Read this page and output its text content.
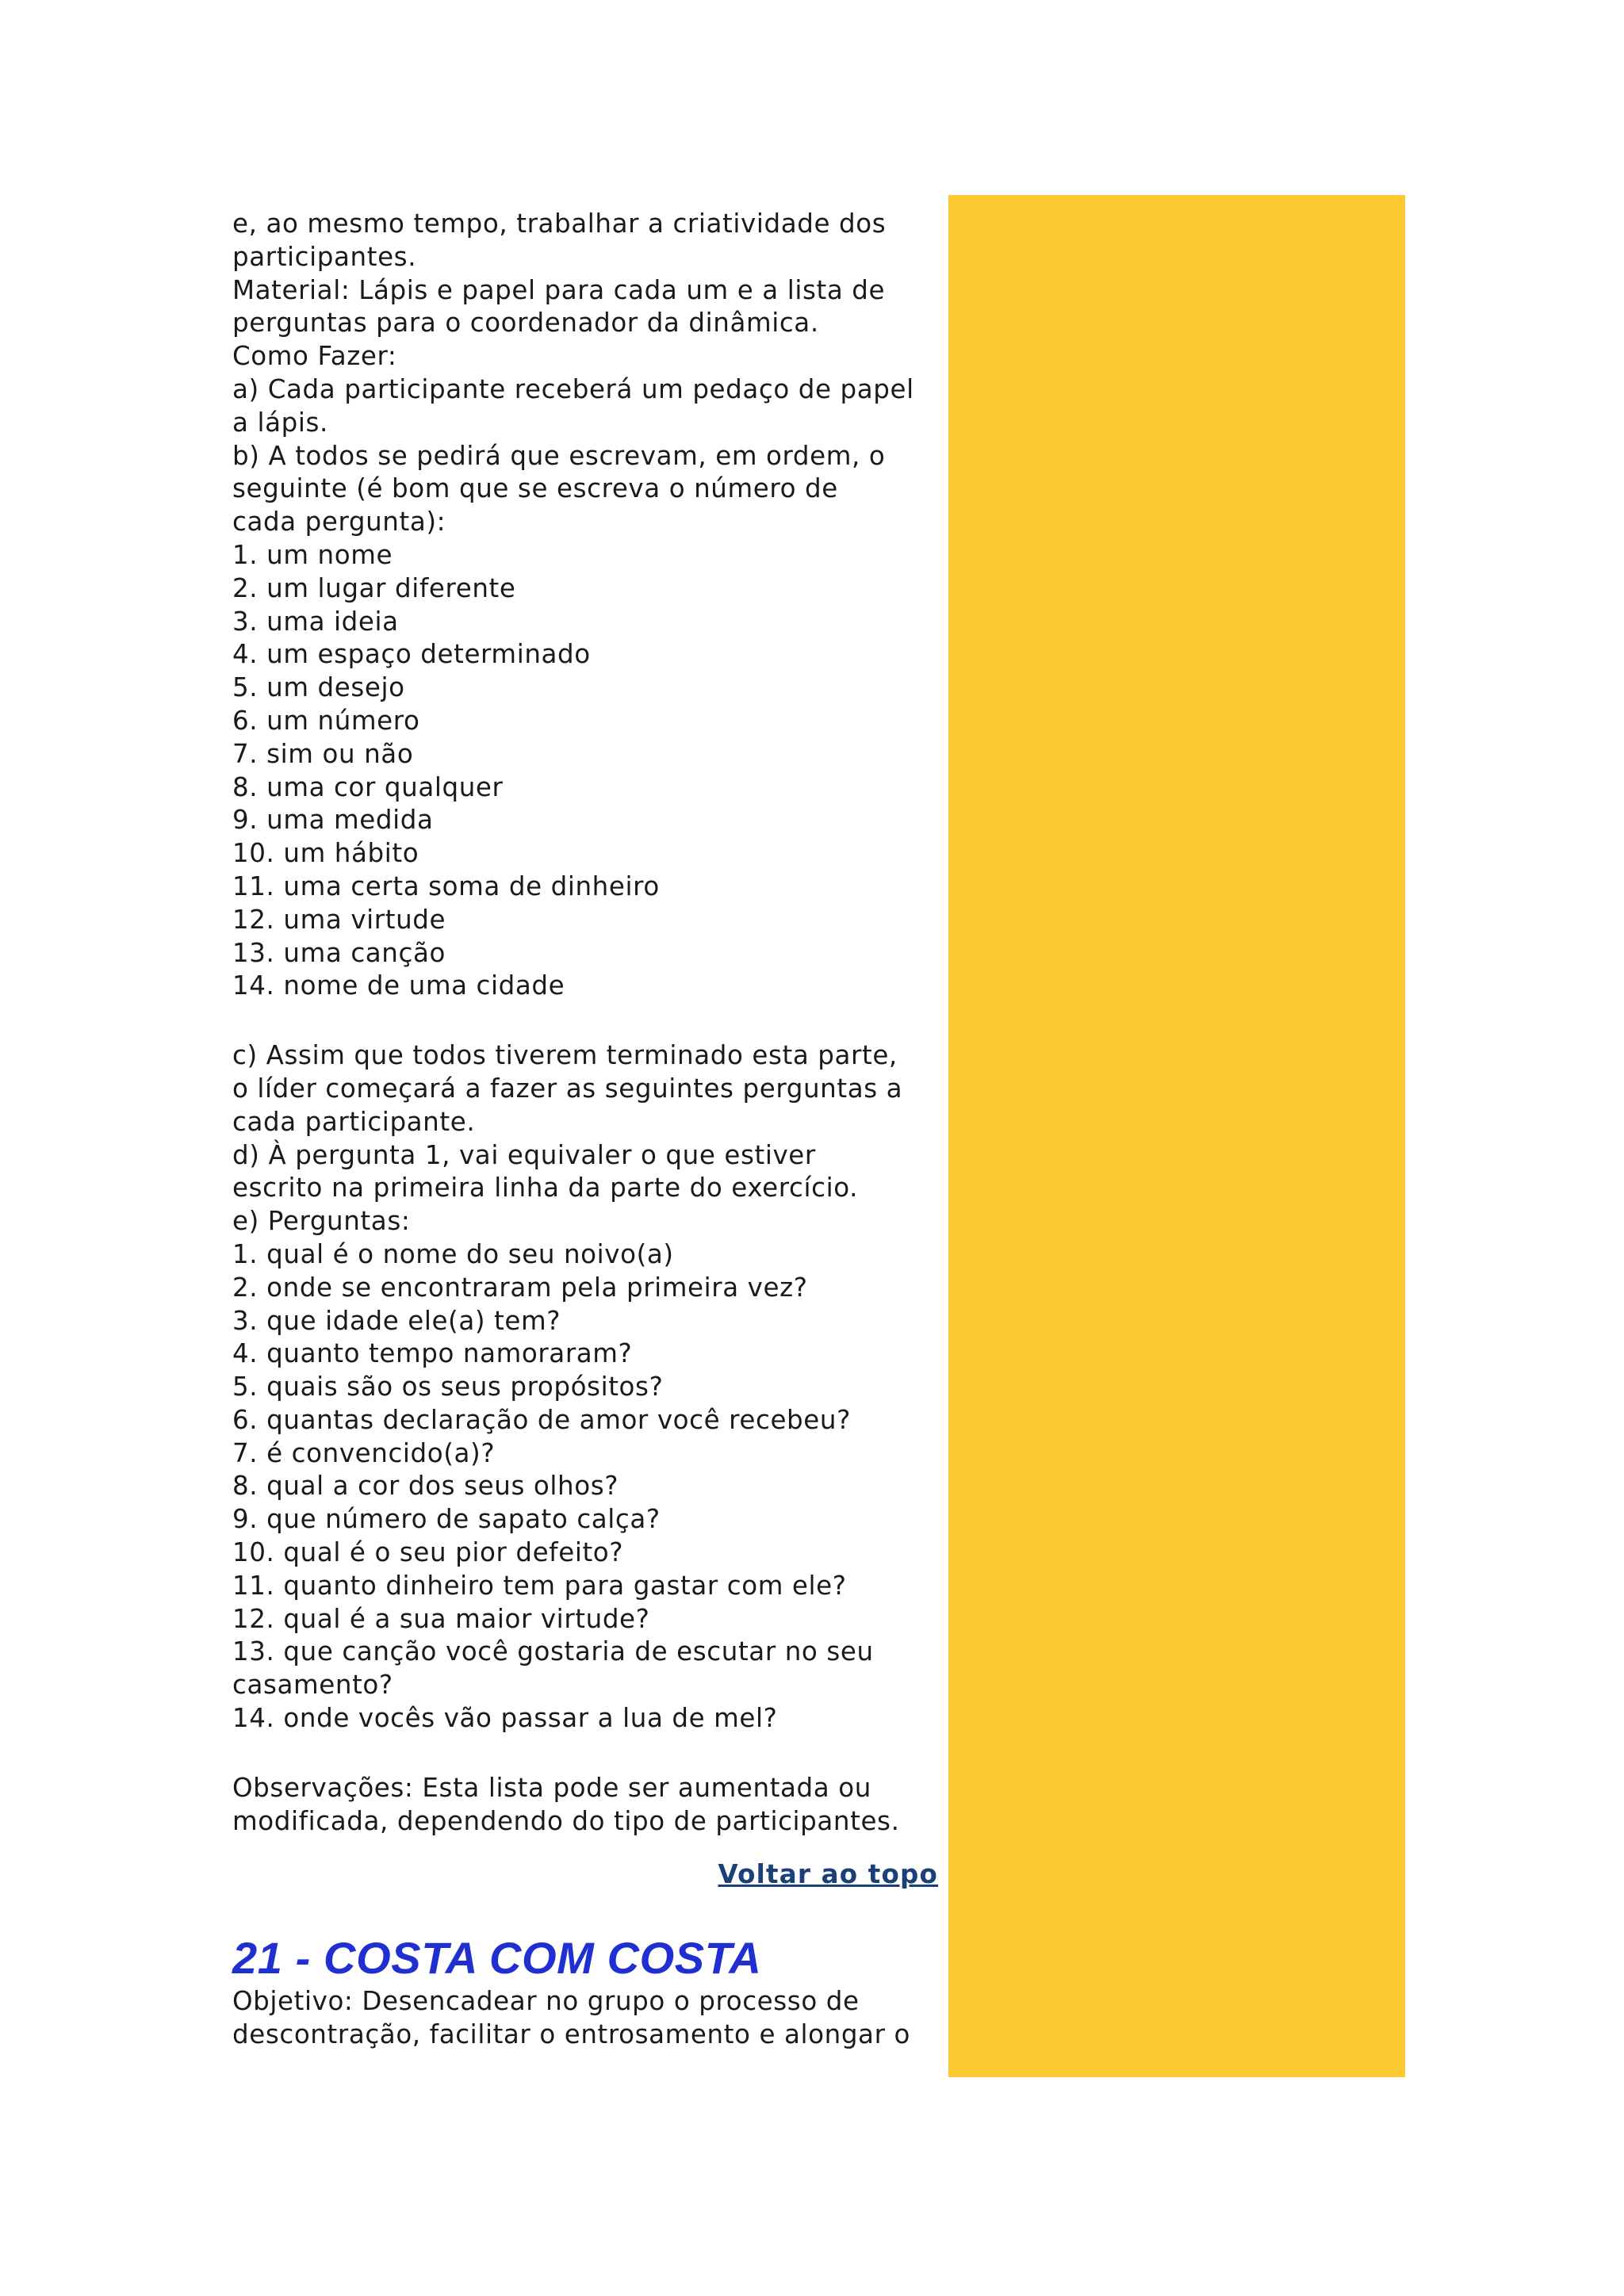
e, ao mesmo tempo, trabalhar a criatividade dos
participantes.
Material: Lápis e papel para cada um e a lista de
perguntas para o coordenador da dinâmica.
Como Fazer:
a) Cada participante receberá um pedaço de papel
a lápis.
b) A todos se pedirá que escrevam, em ordem, o
seguinte (é bom que se escreva o número de
cada pergunta):
1. um nome
2. um lugar diferente
3. uma ideia
4. um espaço determinado
5. um desejo
6. um número
7. sim ou não
8. uma cor qualquer
9. uma medida
10. um hábito
11. uma certa soma de dinheiro
12. uma virtude
13. uma canção
14. nome de uma cidade
c) Assim que todos tiverem terminado esta parte,
o líder começará a fazer as seguintes perguntas a
cada participante.
d) À pergunta 1, vai equivaler o que estiver
escrito na primeira linha da parte do exercício.
e) Perguntas:
1. qual é o nome do seu noivo(a)
2. onde se encontraram pela primeira vez?
3. que idade ele(a) tem?
4. quanto tempo namoraram?
5. quais são os seus propósitos?
6. quantas declaração de amor você recebeu?
7. é convencido(a)?
8. qual a cor dos seus olhos?
9. que número de sapato calça?
10. qual é o seu pior defeito?
11. quanto dinheiro tem para gastar com ele?
12. qual é a sua maior virtude?
13. que canção você gostaria de escutar no seu
casamento?
14. onde vocês vão passar a lua de mel?
Observações: Esta lista pode ser aumentada ou
modificada, dependendo do tipo de participantes.
Voltar ao topo
21 - COSTA COM COSTA
Objetivo: Desencadear no grupo o processo de
descontração, facilitar o entrosamento e alongar o
